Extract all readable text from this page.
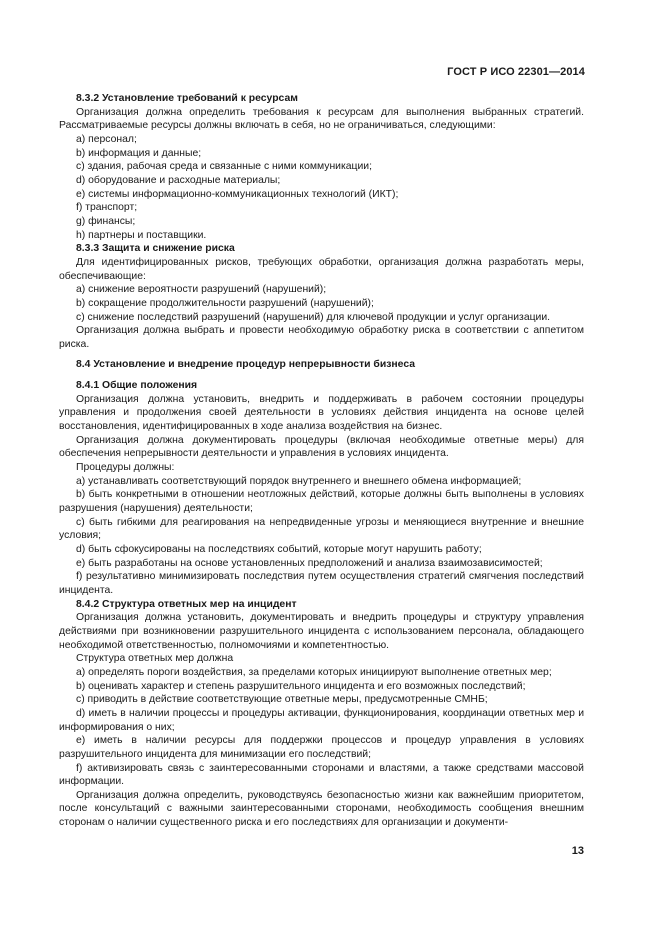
ГОСТ Р ИСО 22301—2014

8.3.2 Установление требований к ресурсам

Организация должна определить требования к ресурсам для выполнения выбранных стратегий. Рассматриваемые ресурсы должны включать в себя, но не ограничиваться, следующими:

a) персонал;

b) информация и данные;

c) здания, рабочая среда и связанные с ними коммуникации;

d) оборудование и расходные материалы;

e) системы информационно-коммуникационных технологий (ИКТ);

f) транспорт;

g) финансы;

h) партнеры и поставщики.

8.3.3 Защита и снижение риска

Для идентифицированных рисков, требующих обработки, организация должна разработать меры, обеспечивающие:

a) снижение вероятности разрушений (нарушений);

b) сокращение продолжительности разрушений (нарушений);

c) снижение последствий разрушений (нарушений) для ключевой продукции и услуг организации.

Организация должна выбрать и провести необходимую обработку риска в соответствии с аппетитом риска.

8.4 Установление и внедрение процедур непрерывности бизнеса

8.4.1 Общие положения

Организация должна установить, внедрить и поддерживать в рабочем состоянии процедуры управления и продолжения своей деятельности в условиях действия инцидента на основе целей восстановления, идентифицированных в ходе анализа воздействия на бизнес.

Организация должна документировать процедуры (включая необходимые ответные меры) для обеспечения непрерывности деятельности и управления в условиях инцидента.

Процедуры должны:

a) устанавливать соответствующий порядок внутреннего и внешнего обмена информацией;

b) быть конкретными в отношении неотложных действий, которые должны быть выполнены в условиях разрушения (нарушения) деятельности;

c) быть гибкими для реагирования на непредвиденные угрозы и меняющиеся внутренние и внешние условия;

d) быть сфокусированы на последствиях событий, которые могут нарушить работу;

e) быть разработаны на основе установленных предположений и анализа взаимозависимостей;

f) результативно минимизировать последствия путем осуществления стратегий смягчения последствий инцидента.

8.4.2 Структура ответных мер на инцидент

Организация должна установить, документировать и внедрить процедуры и структуру управления действиями при возникновении разрушительного инцидента с использованием персонала, обладающего необходимой ответственностью, полномочиями и компетентностью.

Структура ответных мер должна

a) определять пороги воздействия, за пределами которых инициируют выполнение ответных мер;

b) оценивать характер и степень разрушительного инцидента и его возможных последствий;

c) приводить в действие соответствующие ответные меры, предусмотренные СМНБ;

d) иметь в наличии процессы и процедуры активации, функционирования, координации ответных мер и информирования о них;

e) иметь в наличии ресурсы для поддержки процессов и процедур управления в условиях разрушительного инцидента для минимизации его последствий;

f) активизировать связь с заинтересованными сторонами и властями, а также средствами массовой информации.

Организация должна определить, руководствуясь безопасностью жизни как важнейшим приоритетом, после консультаций с важными заинтересованными сторонами, необходимость сообщения внешним сторонам о наличии существенного риска и его последствиях для организации и документи-

13
